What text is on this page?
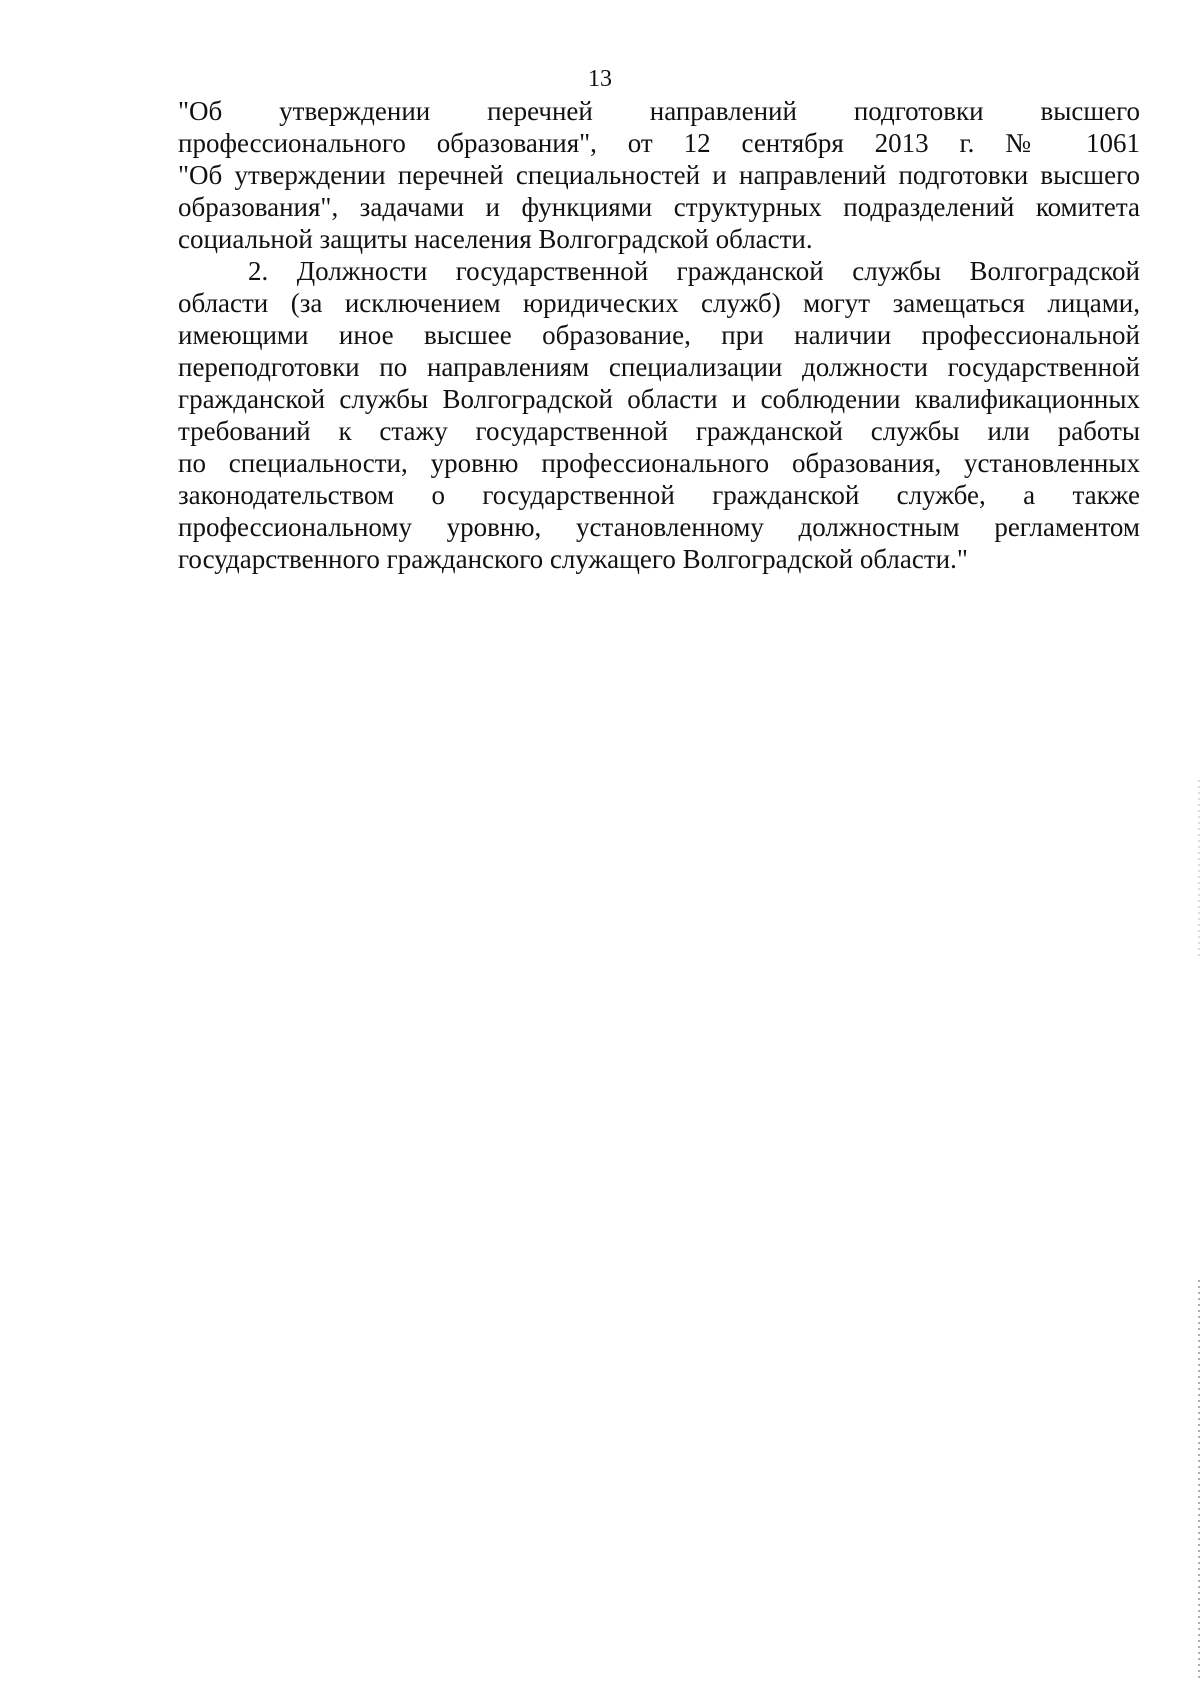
13

"Об утверждении перечней направлений подготовки высшего
профессионального образования", от 12 сентября 2013 г. № 1061
"Об утверждении перечней специальностей и направлений подготовки высшего
образования", задачами и функциями структурных подразделений комитета
социальной защиты населения Волгоградской области.

2. Должности государственной гражданской службы Волгоградской
области (за исключением юридических служб) могут замещаться лицами,
имеющими иное высшее образование, при наличии профессиональной
переподготовки по направлениям специализации должности государственной
гражданской службы Волгоградской области и соблюдении квалификационных
требований к стажу государственной гражданской службы или работы
по специальности, уровню профессионального образования, установленных
законодательством о государственной гражданской службе, а также
профессиональному уровню, установленному должностным регламентом
государственного гражданского служащего Волгоградской области."
